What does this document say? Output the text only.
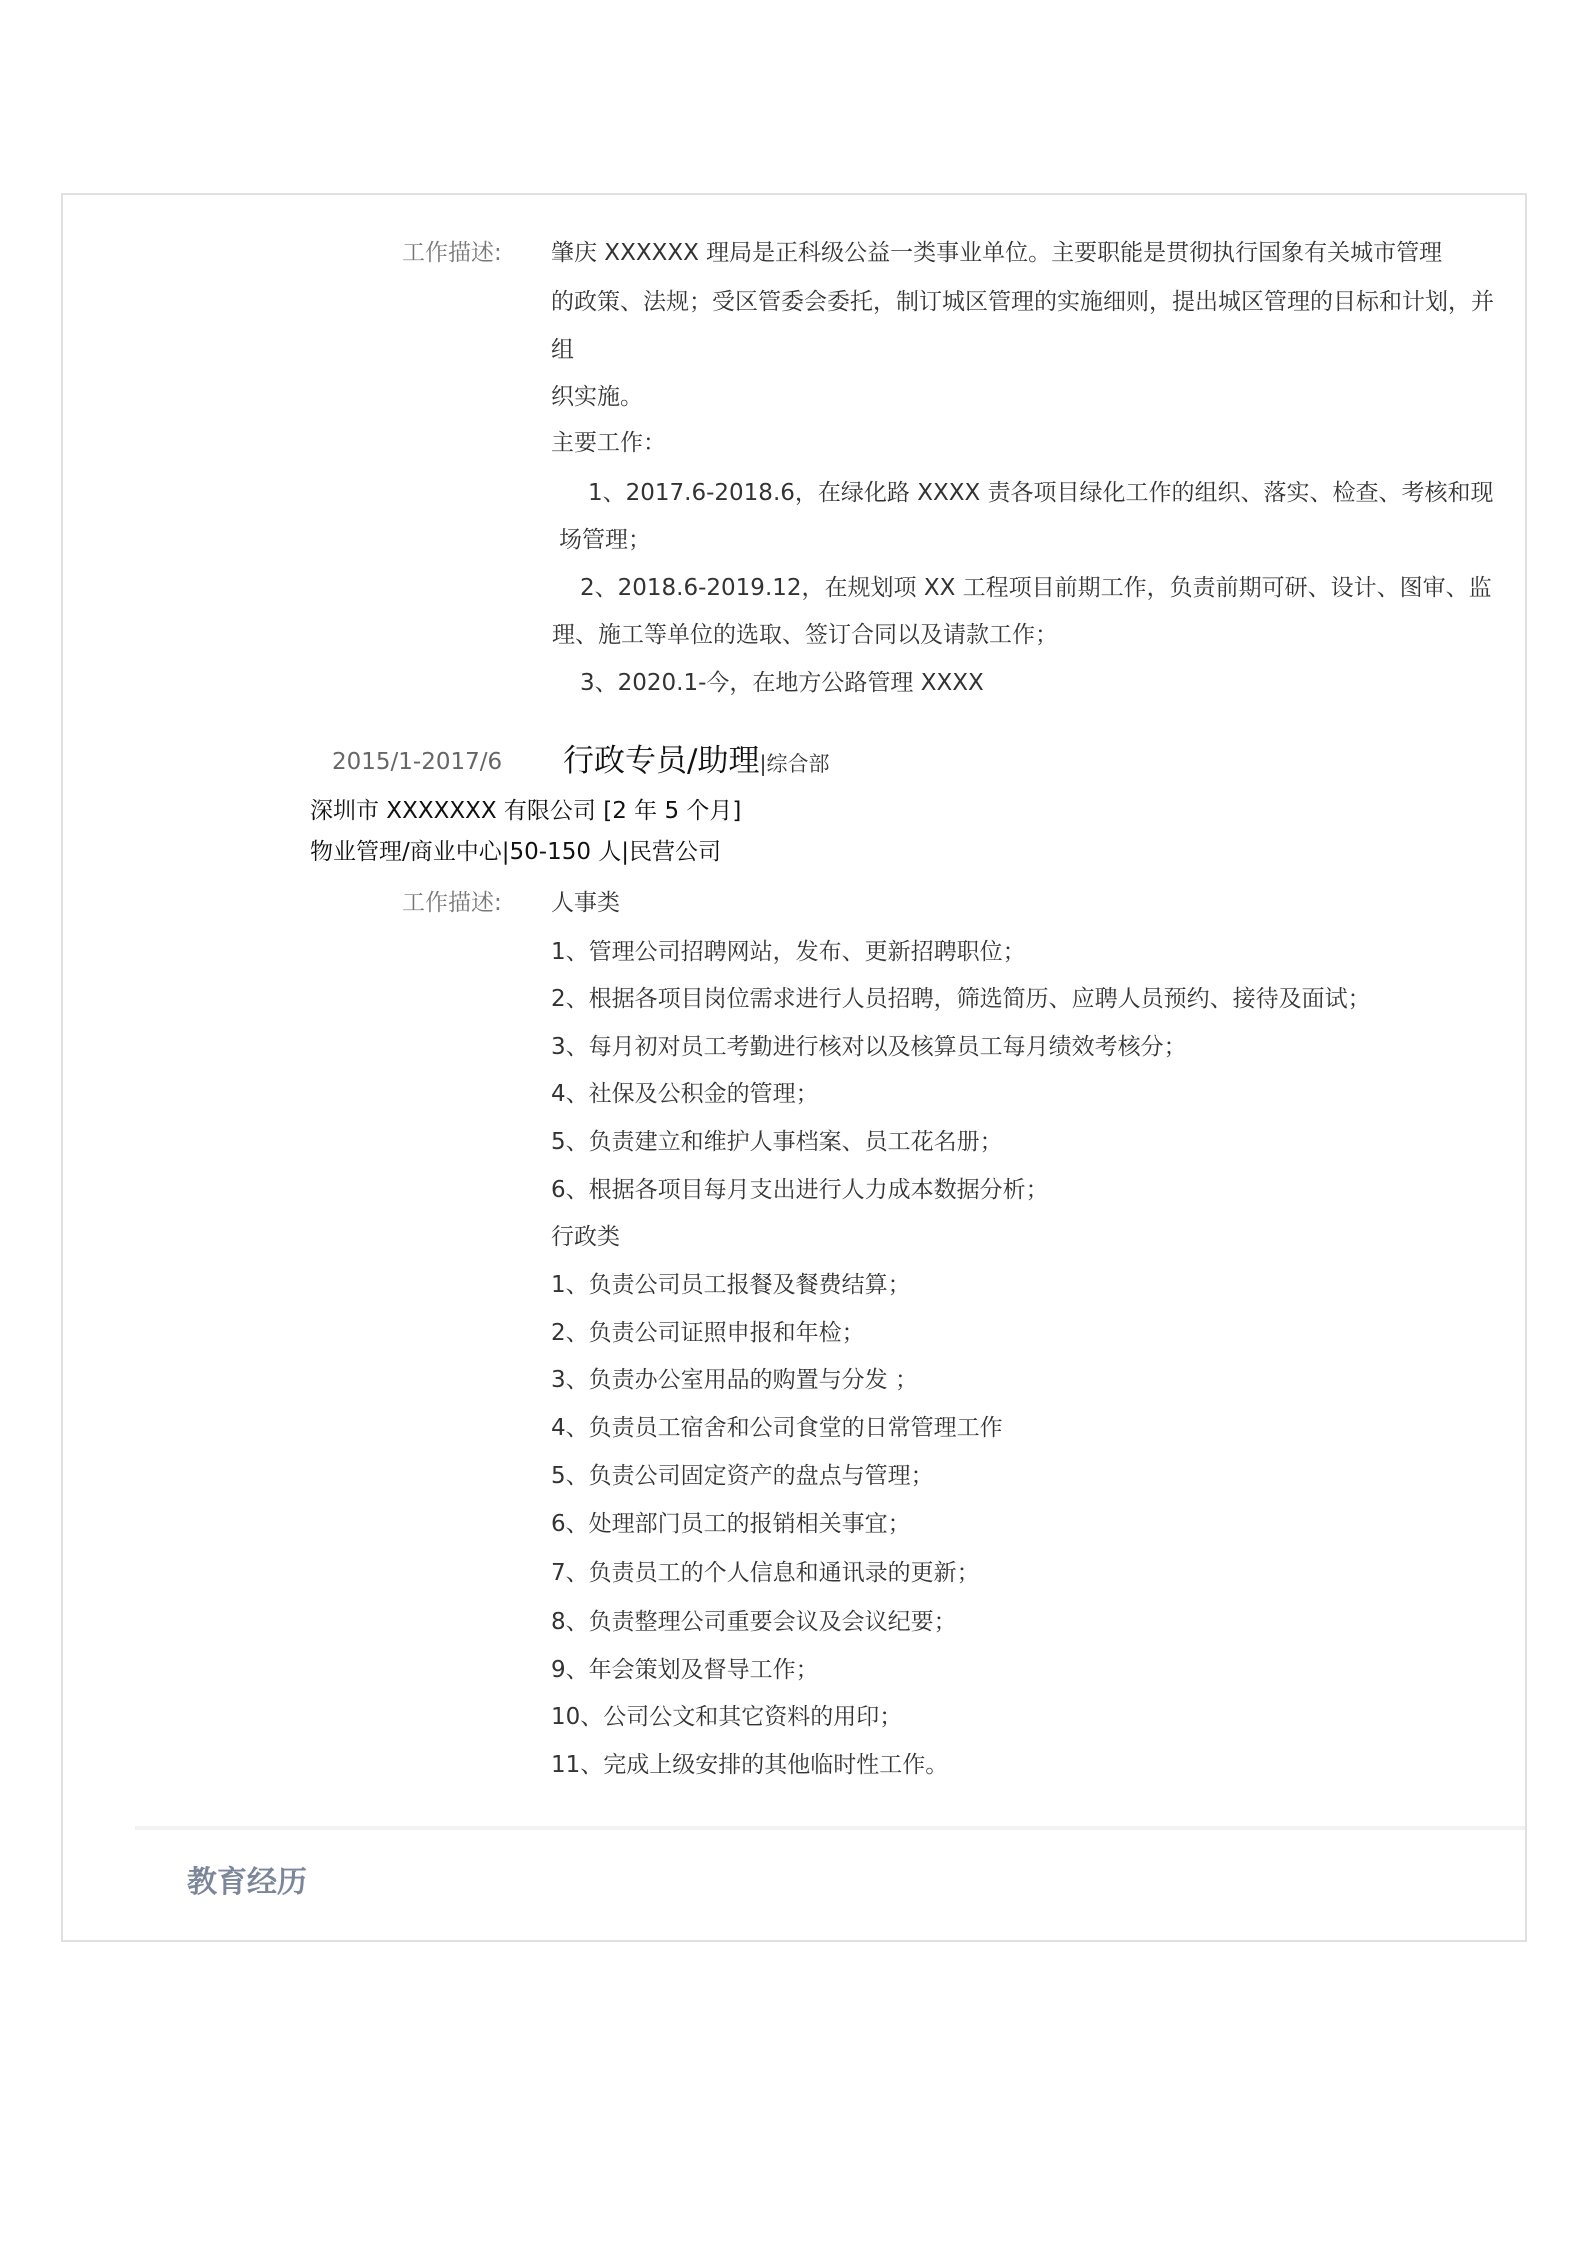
工作描述: 肇庆 XXXXXX 理局是正科级公益一类事业单位。主要职能是贯彻执行国象有关城市管理
的政策、法规；受区管委会委托，制订城区管理的实施细则，提出城区管理的目标和计划，并
组
织实施。
主要工作：
1、2017.6-2018.6，在绿化路 XXXX 责各项目绿化工作的组织、落实、检查、考核和现
场管理；
2、2018.6-2019.12，在规划项 XX 工程项目前期工作，负责前期可研、设计、图审、监
理、施工等单位的选取、签订合同以及请款工作；
3、2020.1-今，在地方公路管理 XXXX
2015/1-2017/6 行政专员/助理|综合部
深圳市 XXXXXXX 有限公司 [2 年 5 个月]
物业管理/商业中心|50-150 人|民营公司
工作描述: 人事类
1、管理公司招聘网站，发布、更新招聘职位；
2、根据各项目岗位需求进行人员招聘，筛选简历、应聘人员预约、接待及面试；
3、每月初对员工考勤进行核对以及核算员工每月绩效考核分；
4、社保及公积金的管理；
5、负责建立和维护人事档案、员工花名册；
6、根据各项目每月支出进行人力成本数据分析；
行政类
1、负责公司员工报餐及餐费结算；
2、负责公司证照申报和年检；
3、负责办公室用品的购置与分发 ；
4、负责员工宿舍和公司食堂的日常管理工作
5、负责公司固定资产的盘点与管理；
6、处理部门员工的报销相关事宜；
7、负责员工的个人信息和通讯录的更新；
8、负责整理公司重要会议及会议纪要；
9、年会策划及督导工作；
10、公司公文和其它资料的用印；
11、完成上级安排的其他临时性工作。
教育经历
